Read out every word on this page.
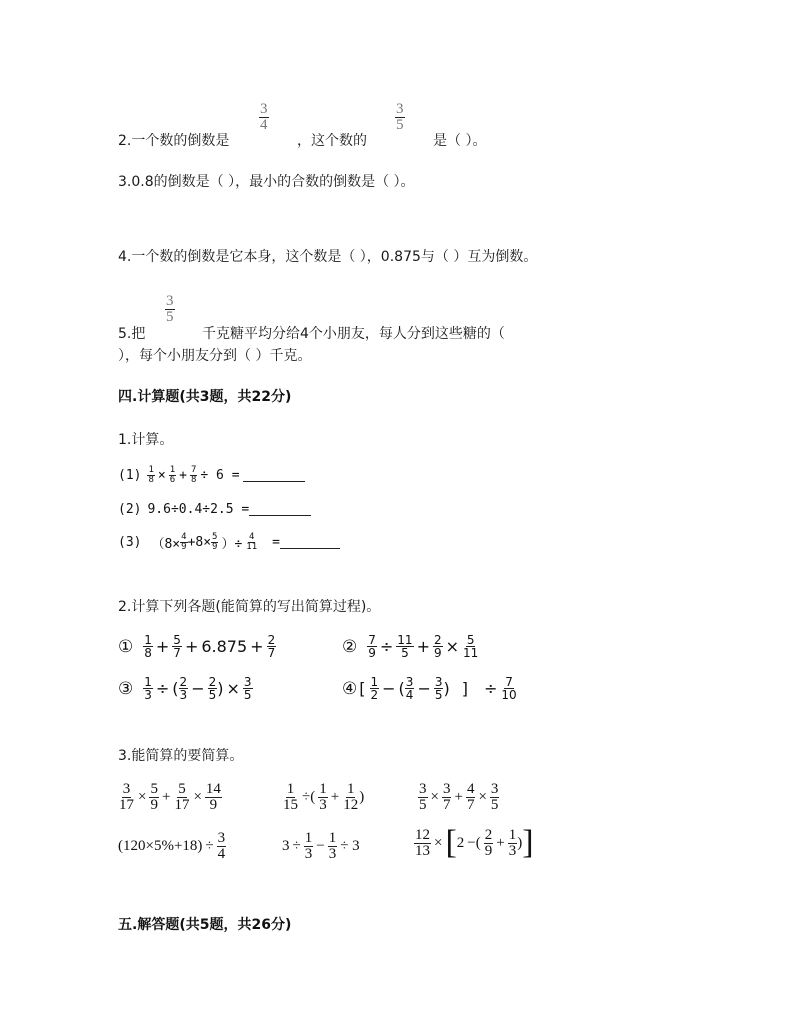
2.一个数的倒数是
$\frac{3}{4}$
，这个数的
$\frac{3}{5}$
是（ ）。
3.0.8的倒数是（ ），最小的合数的倒数是（ ）。
4.一个数的倒数是它本身，这个数是（ ），0.875与（ ）互为倒数。
5.把
$\frac{3}{5}$
千克糖平均分给4个小朋友，每人分到这些糖的（
），每个小朋友分到（ ）千克。
四.计算题(共3题，共22分)
1.计算。
$(1) \frac{1}{8} \times \frac{1}{6} + \frac{7}{8} \div 6$ =
(2) 9.6÷0.4÷2.5 =
(3) （$8\times \frac{4}{9} +8\times \frac{5}{9}$ ）÷ $\frac{4}{11}$ =
2.计算下列各题(能简算的写出简算过程)。
① 1
$8 + \frac{5}{7} + 6.875 + \frac{2}{7}$	② $\frac{7}{9} \div \frac{11}{5} + \frac{2}{9} \times \frac{5}{11}$
③ $\frac{1}{3}$ ÷ ( 2
$3 - \frac{2}{5}$ ) × $\frac{3}{5}$	④ [ 1
2 − ( 3
$4 - \frac{3}{5}$ ) ] ÷ $\frac{7}{10}$
3.能简算的要简算。
$\frac{3}{17} \times \frac{5}{9} + \frac{5}{17} \times \frac{14}{9}$	$\frac{1}{15}$ ÷( 1
$3 + \frac{1}{12}$ )	$\frac{3}{5} \times \frac{3}{7} + \frac{4}{7} \times \frac{3}{5}$
$(120\times 5\%+18) \div \frac{3}{4}$	$3 \div \frac{1}{3} - \frac{1}{3} \div 3$	$\frac{12}{13}$ × [ 2 −( 2
$9 + \frac{1}{3}$ ) ]
五.解答题(共5题，共26分)
